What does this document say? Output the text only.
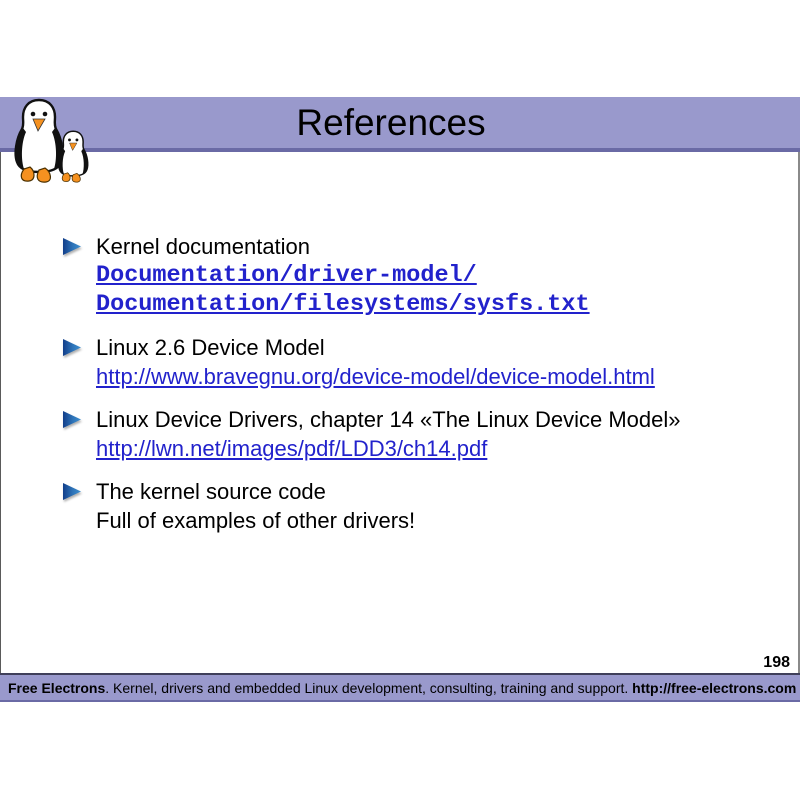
References
Kernel documentation
Documentation/driver-model/
Documentation/filesystems/sysfs.txt
Linux 2.6 Device Model
http://www.bravegnu.org/device-model/device-model.html
Linux Device Drivers, chapter 14 «The Linux Device Model»
http://lwn.net/images/pdf/LDD3/ch14.pdf
The kernel source code
Full of examples of other drivers!
198
Free Electrons . Kernel, drivers and embedded Linux development, consulting, training and support. http://free-electrons.com
